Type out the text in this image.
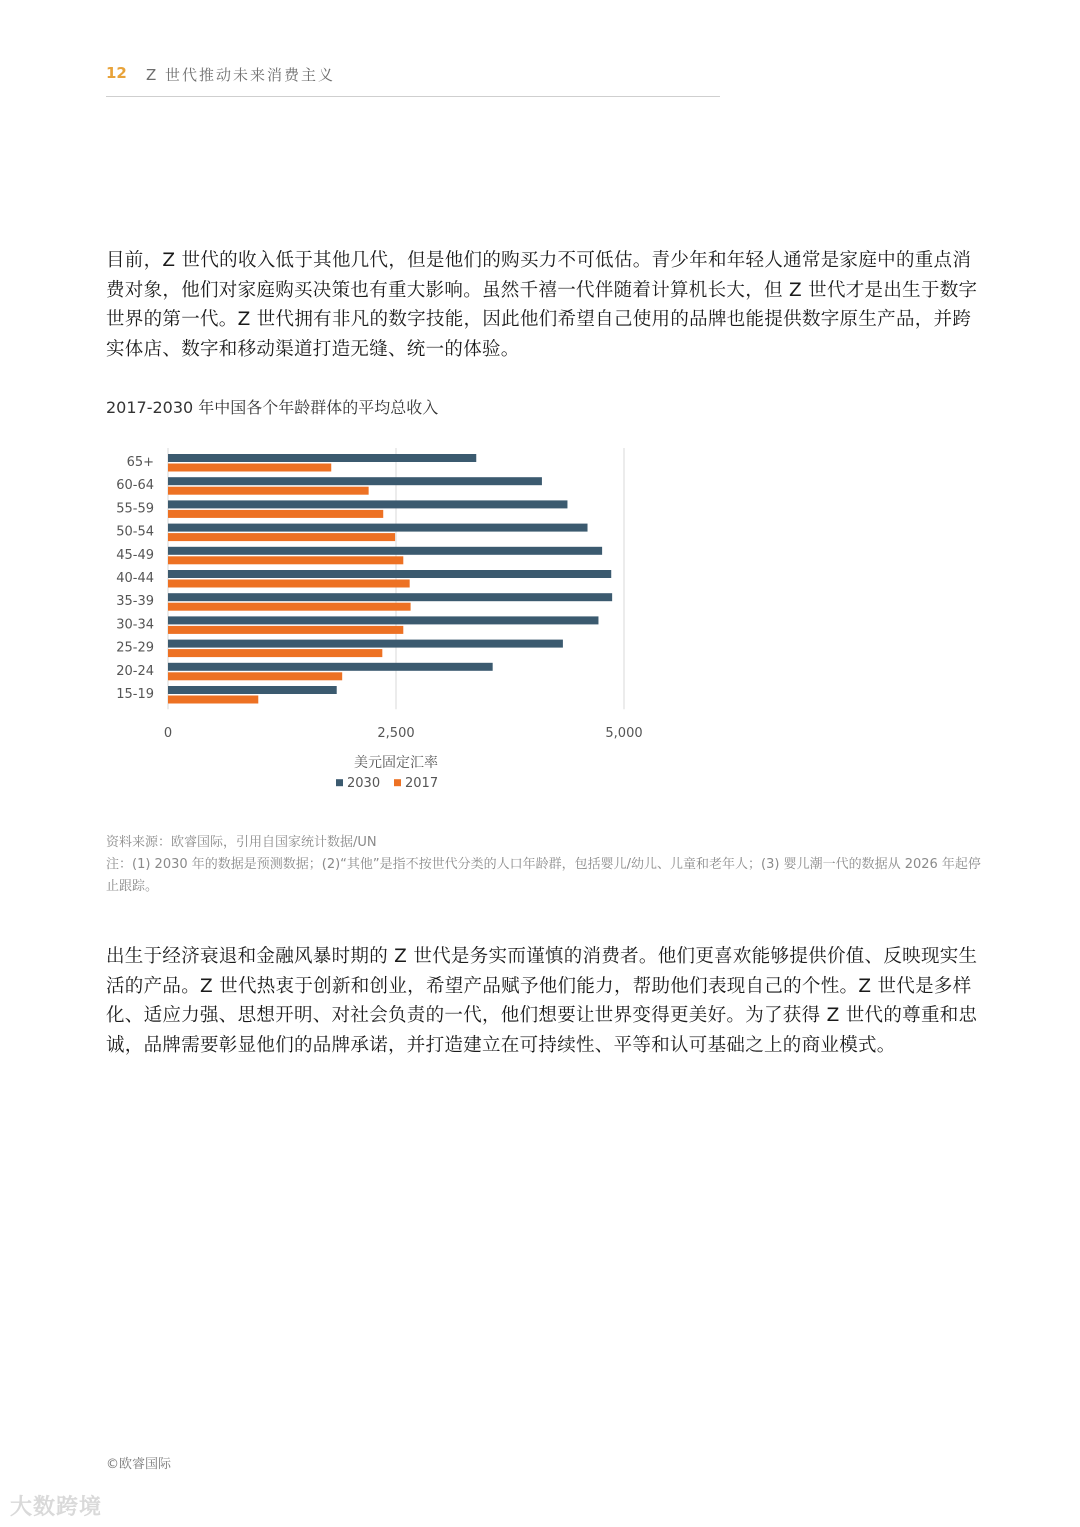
12 Z 世代推动未来消费主义
目前，Z 世代的收入低于其他几代，但是他们的购买力不可低估。青少年和年轻人通常是家庭中的重点消费对象，他们对家庭购买决策也有重大影响。虽然千禧一代伴随着计算机长大，但 Z 世代才是出生于数字世界的第一代。Z 世代拥有非凡的数字技能，因此他们希望自己使用的品牌也能提供数字原生产品，并跨实体店、数字和移动渠道打造无缝、统一的体验。
2017-2030 年中国各个年龄群体的平均总收入
0	2,500	5,000
65+
60-64
55-59
50-54
45-49
40-44
35-39
30-34
25-29
20-24
15-19
美元固定汇率
2030 2017
资料来源：欧睿国际，引用自国家统计数据/UN
注：(1) 2030 年的数据是预测数据；(2)“其他”是指不按世代分类的人口年龄群，包括婴儿/幼儿、儿童和老年人；(3) 婴儿潮一代的数据从 2026 年起停止跟踪。
出生于经济衰退和金融风暴时期的 Z 世代是务实而谨慎的消费者。他们更喜欢能够提供价值、反映现实生活的产品。Z 世代热衷于创新和创业，希望产品赋予他们能力，帮助他们表现自己的个性。Z 世代是多样化、适应力强、思想开明、对社会负责的一代，他们想要让世界变得更美好。为了获得 Z 世代的尊重和忠诚，品牌需要彰显他们的品牌承诺，并打造建立在可持续性、平等和认可基础之上的商业模式。
©欧睿国际
大数跨境
